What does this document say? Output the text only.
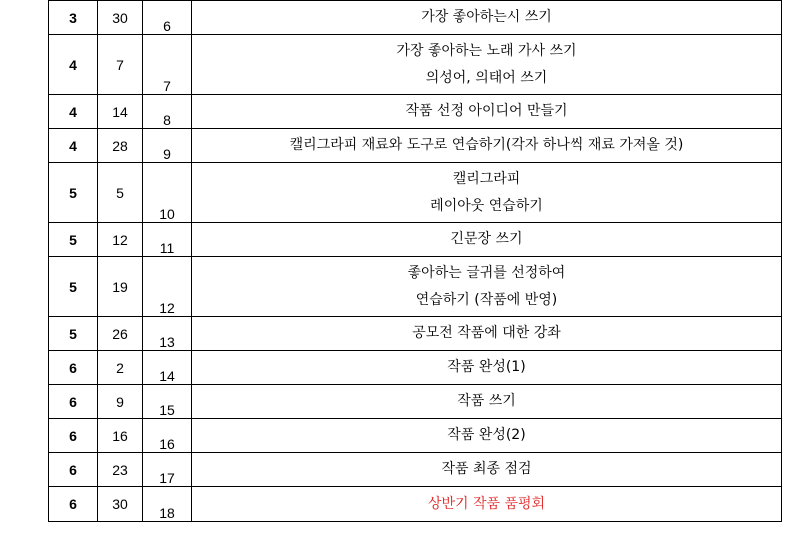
3	30	6	가장 좋아하는시 쓰기

4	7	7	가장 좋아하는 노래 가사 쓰기
의성어, 의태어 쓰기

4	14	8	작품 선정 아이디어 만들기

4	28	9	캘리그라피 재료와 도구로 연습하기(각자 하나씩 재료 가져올 것)

5	5	10	캘리그라피
레이아웃 연습하기

5	12	11	긴문장 쓰기

5	19	12	좋아하는 글귀를 선정하여
연습하기 (작품에 반영)

5	26	13	공모전 작품에 대한 강좌

6	2	14	작품 완성(1)

6	9	15	작품 쓰기

6	16	16	작품 완성(2)

6	23	17	작품 최종 점검

6	30	18	상반기 작품 품평회
